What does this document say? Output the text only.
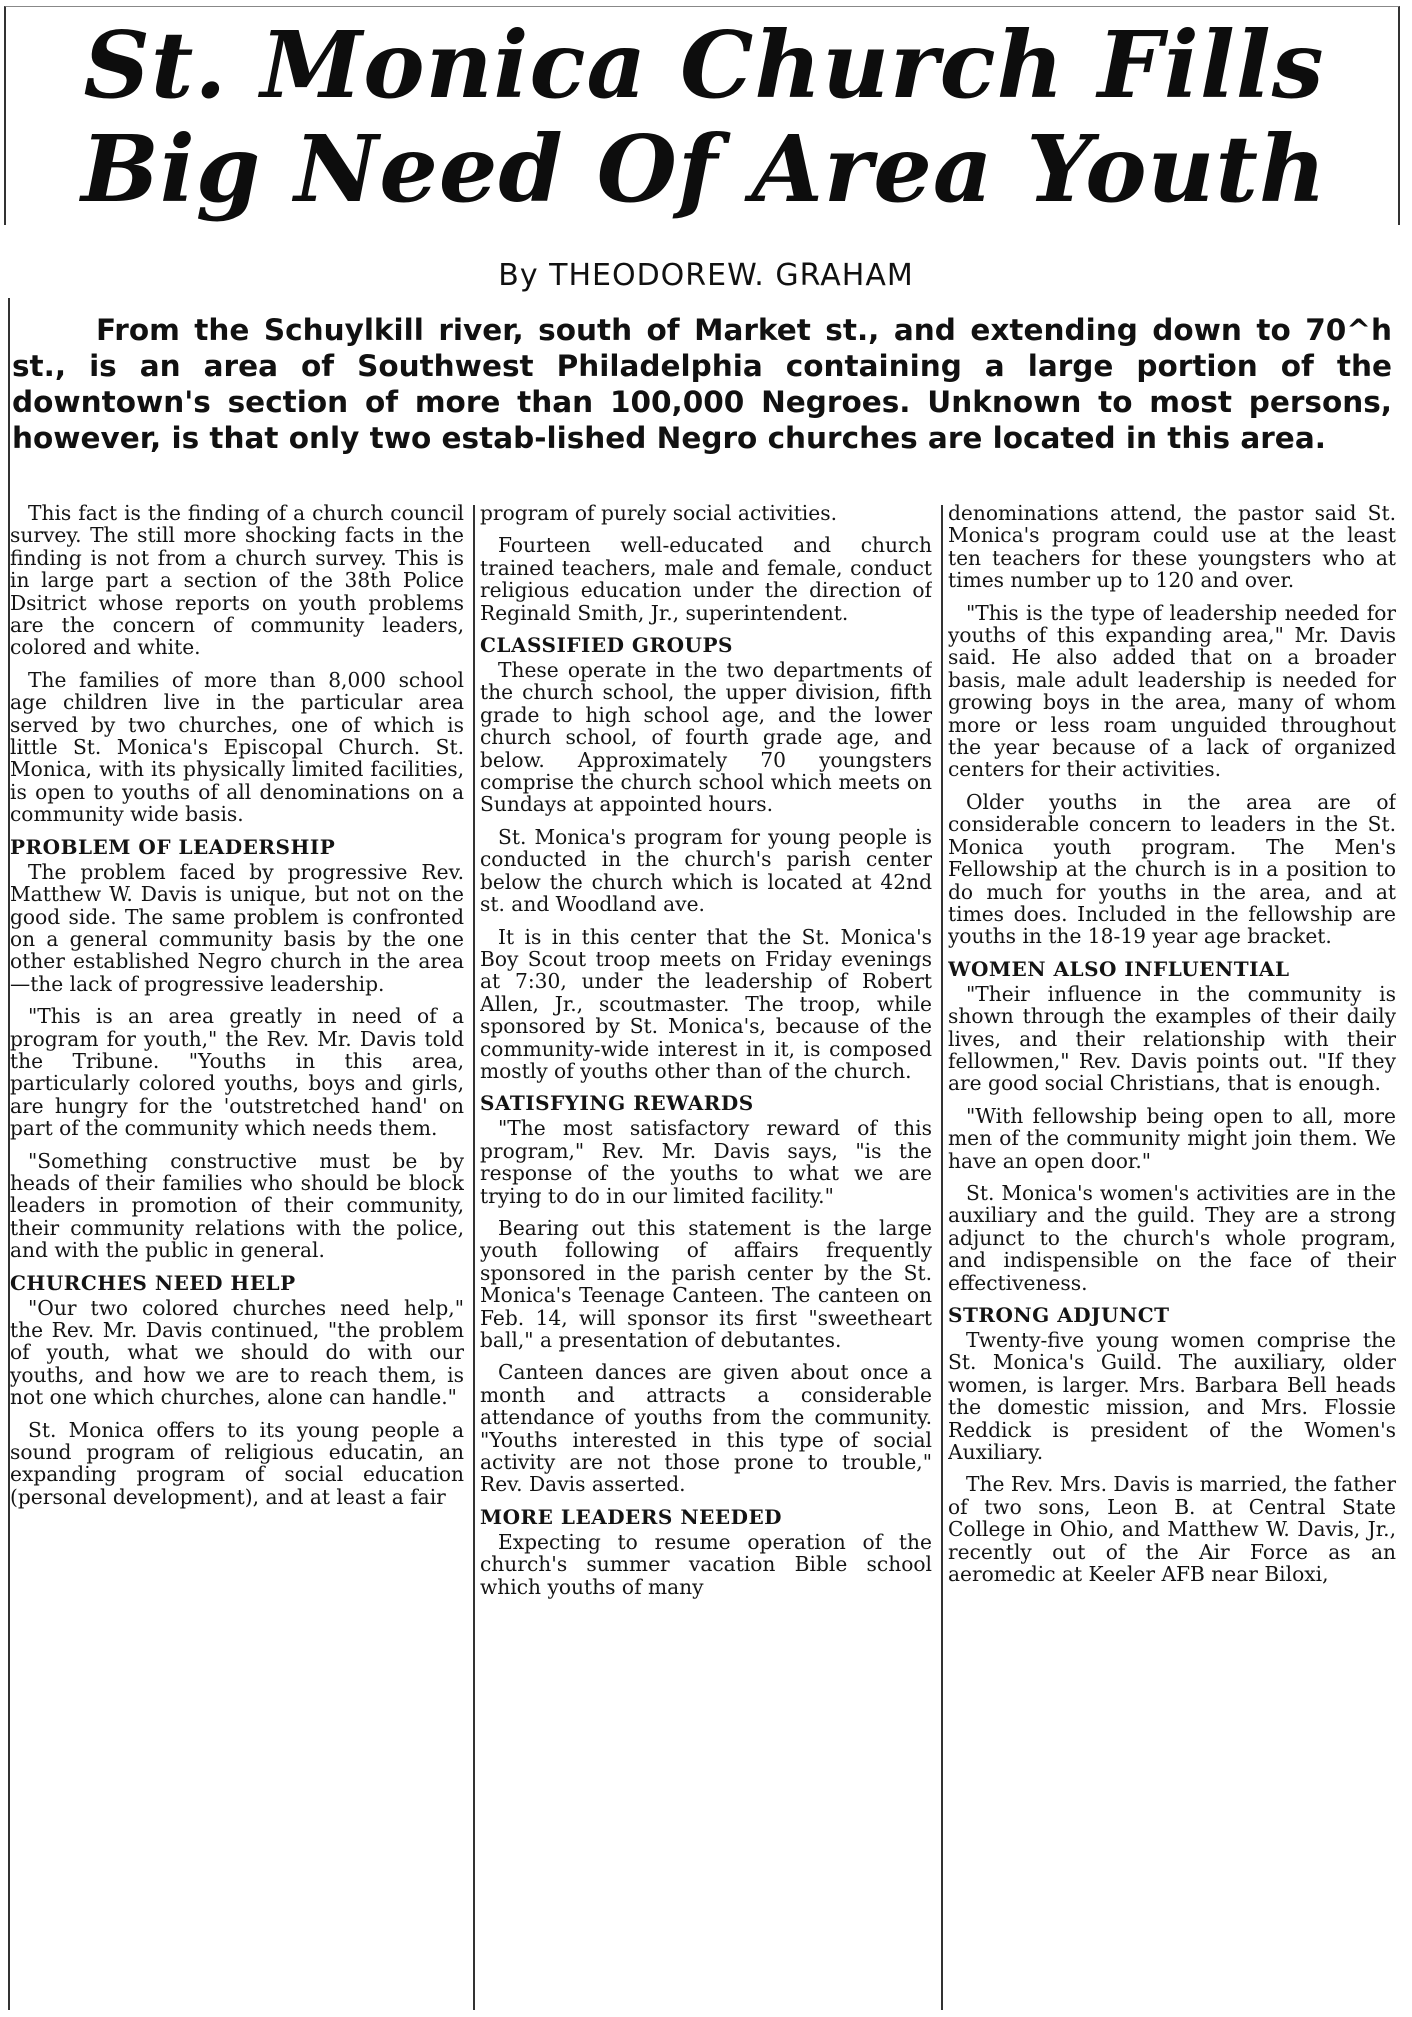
St. Monica Church Fills
Big Need Of Area Youth
By THEODOREW. GRAHAM

From the Schuylkill river, south of Market st., and extending down to 70^h st., is an area of Southwest Philadelphia containing a large portion of the downtown's section of more than 100,000 Negroes. Unknown to most persons, however, is that only two estab-lished Negro churches are located in this area.

This fact is the finding of a church council survey. The still more shocking facts in the finding is not from a church survey. This is in large part a section of the 38th Police Dsitrict whose reports on youth problems are the concern of community leaders, colored and white.

The families of more than 8,000 school age children live in the particular area served by two churches, one of which is little St. Monica's Episcopal Church. St. Monica, with its physically limited facilities, is open to youths of all denominations on a community wide basis.

PROBLEM OF LEADERSHIP

The problem faced by progressive Rev. Matthew W. Davis is unique, but not on the good side. The same problem is confronted on a general community basis by the one other established Negro church in the area—the lack of progressive leadership.

"This is an area greatly in need of a program for youth," the Rev. Mr. Davis told the Tribune. "Youths in this area, particularly colored youths, boys and girls, are hungry for the 'outstretched hand' on part of the community which needs them.

"Something constructive must be by heads of their families who should be block leaders in promotion of their community, their community relations with the police, and with the public in general.

CHURCHES NEED HELP

"Our two colored churches need help," the Rev. Mr. Davis continued, "the problem of youth, what we should do with our youths, and how we are to reach them, is not one which churches, alone can handle."

St. Monica offers to its young people a sound program of religious educatin, an expanding program of social education (personal development), and at least a fair

program of purely social activities.

Fourteen well-educated and church trained teachers, male and female, conduct religious education under the direction of Reginald Smith, Jr., superintendent.

CLASSIFIED GROUPS

These operate in the two departments of the church school, the upper division, fifth grade to high school age, and the lower church school, of fourth grade age, and below. Approximately 70 youngsters comprise the church school which meets on Sundays at appointed hours.

St. Monica's program for young people is conducted in the church's parish center below the church which is located at 42nd st. and Woodland ave.

It is in this center that the St. Monica's Boy Scout troop meets on Friday evenings at 7:30, under the leadership of Robert Allen, Jr., scoutmaster. The troop, while sponsored by St. Monica's, because of the community-wide interest in it, is composed mostly of youths other than of the church.

SATISFYING REWARDS

"The most satisfactory reward of this program," Rev. Mr. Davis says, "is the response of the youths to what we are trying to do in our limited facility."

Bearing out this statement is the large youth following of affairs frequently sponsored in the parish center by the St. Monica's Teenage Canteen. The canteen on Feb. 14, will sponsor its first "sweetheart ball," a presentation of debutantes.

Canteen dances are given about once a month and attracts a considerable attendance of youths from the community. "Youths interested in this type of social activity are not those prone to trouble," Rev. Davis asserted.

MORE LEADERS NEEDED

Expecting to resume operation of the church's summer vacation Bible school which youths of many

denominations attend, the pastor said St. Monica's program could use at the least ten teachers for these youngsters who at times number up to 120 and over.

"This is the type of leadership needed for youths of this expanding area," Mr. Davis said. He also added that on a broader basis, male adult leadership is needed for growing boys in the area, many of whom more or less roam unguided throughout the year because of a lack of organized centers for their activities.

Older youths in the area are of considerable concern to leaders in the St. Monica youth program. The Men's Fellowship at the church is in a position to do much for youths in the area, and at times does. Included in the fellowship are youths in the 18-19 year age bracket.

WOMEN ALSO INFLUENTIAL

"Their influence in the community is shown through the examples of their daily lives, and their relationship with their fellowmen," Rev. Davis points out. "If they are good social Christians, that is enough.

"With fellowship being open to all, more men of the community might join them. We have an open door."

St. Monica's women's activities are in the auxiliary and the guild. They are a strong adjunct to the church's whole program, and indispensible on the face of their effectiveness.

STRONG ADJUNCT

Twenty-five young women comprise the St. Monica's Guild. The auxiliary, older women, is larger. Mrs. Barbara Bell heads the domestic mission, and Mrs. Flossie Reddick is president of the Women's Auxiliary.

The Rev. Mrs. Davis is married, the father of two sons, Leon B. at Central State College in Ohio, and Matthew W. Davis, Jr., recently out of the Air Force as an aeromedic at Keeler AFB near Biloxi,
